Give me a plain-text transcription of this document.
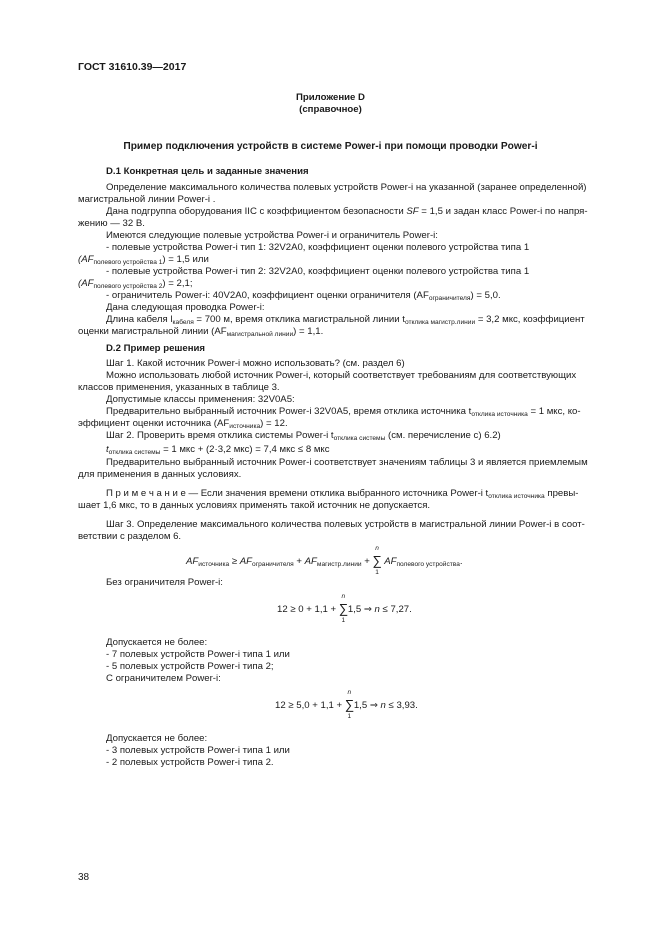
ГОСТ 31610.39—2017
Приложение D
(справочное)
Пример подключения устройств в системе Power-i при помощи проводки Power-i
D.1 Конкретная цель и заданные значения
Определение максимального количества полевых устройств Power-i на указанной (заранее определенной)
магистральной линии Power-i .
Дана подгруппа оборудования IIC с коэффициентом безопасности SF = 1,5 и задан класс Power-i по напря-
жению — 32 В.
Имеются следующие полевые устройства Power-i и ограничитель Power-i:
- полевые устройства Power-i тип 1: 32V2A0, коэффициент оценки полевого устройства типа 1
$(AF_{полевого устройства 1}) = 1,5$ или
- полевые устройства Power-i тип 2: 32V2A0, коэффициент оценки полевого устройства типа 1
$(AF_{полевого устройства 2}) = 2,1$;
- ограничитель Power-i: 40V2A0, коэффициент оценки ограничителя $(AF_{ограничителя}) = 5,0$.
Дана следующая проводка Power-i:
Длина кабеля $l_{кабеля} = 700$ м, время отклика магистральной линии $t_{отклика магистр.линии} = 3,2$ мкс, коэффициент
оценки магистральной линии $(AF_{магистральной линии}) = 1,1$.
D.2 Пример решения
Шаг 1. Какой источник Power-i можно использовать? (см. раздел 6)
Можно использовать любой источник Power-i, который соответствует требованиям для соответствующих
классов применения, указанных в таблице 3.
Допустимые классы применения: 32V0A5:
Предварительно выбранный источник Power-i 32V0A5, время отклика источника $t_{отклика источника} = 1$ мкс, ко-
эффициент оценки источника $(AF_{источника}) = 12$.
Шаг 2. Проверить время отклика системы Power-i $t_{отклика системы}$ (см. перечисление с) 6.2)
$t_{отклика системы} = 1$ мкс + (2·3,2 мкс) = 7,4 мкс ≤ 8 мкс
Предварительно выбранный источник Power-i соответствует значениям таблицы 3 и является приемлемым
для применения в данных условиях.
П р и м е ч а н и е — Если значения времени отклика выбранного источника Power-i $t_{отклика источника}$ превы-
шает 1,6 мкс, то в данных условиях применять такой источник не допускается.
Шаг 3. Определение максимального количества полевых устройств в магистральной линии Power-i в соот-
ветствии с разделом 6.
$AF_{источника} \ge AF_{ограничителя} + AF_{магистр.линии}$ +
n
∑
1
$AF_{полевого устройства}$.
Без ограничителя Power-i:
12 ≥ 0 + 1,1 +
n
∑
1
1,5 ⇒ n ≤ 7,27.
Допускается не более:
- 7 полевых устройств Power-i типа 1 или
- 5 полевых устройств Power-i типа 2;
С ограничителем Power-i:
12 ≥ 5,0 + 1,1 +
n
∑
1
1,5 ⇒ n ≤ 3,93.
Допускается не более:
- 3 полевых устройств Power-i типа 1 или
- 2 полевых устройств Power-i типа 2.
38
